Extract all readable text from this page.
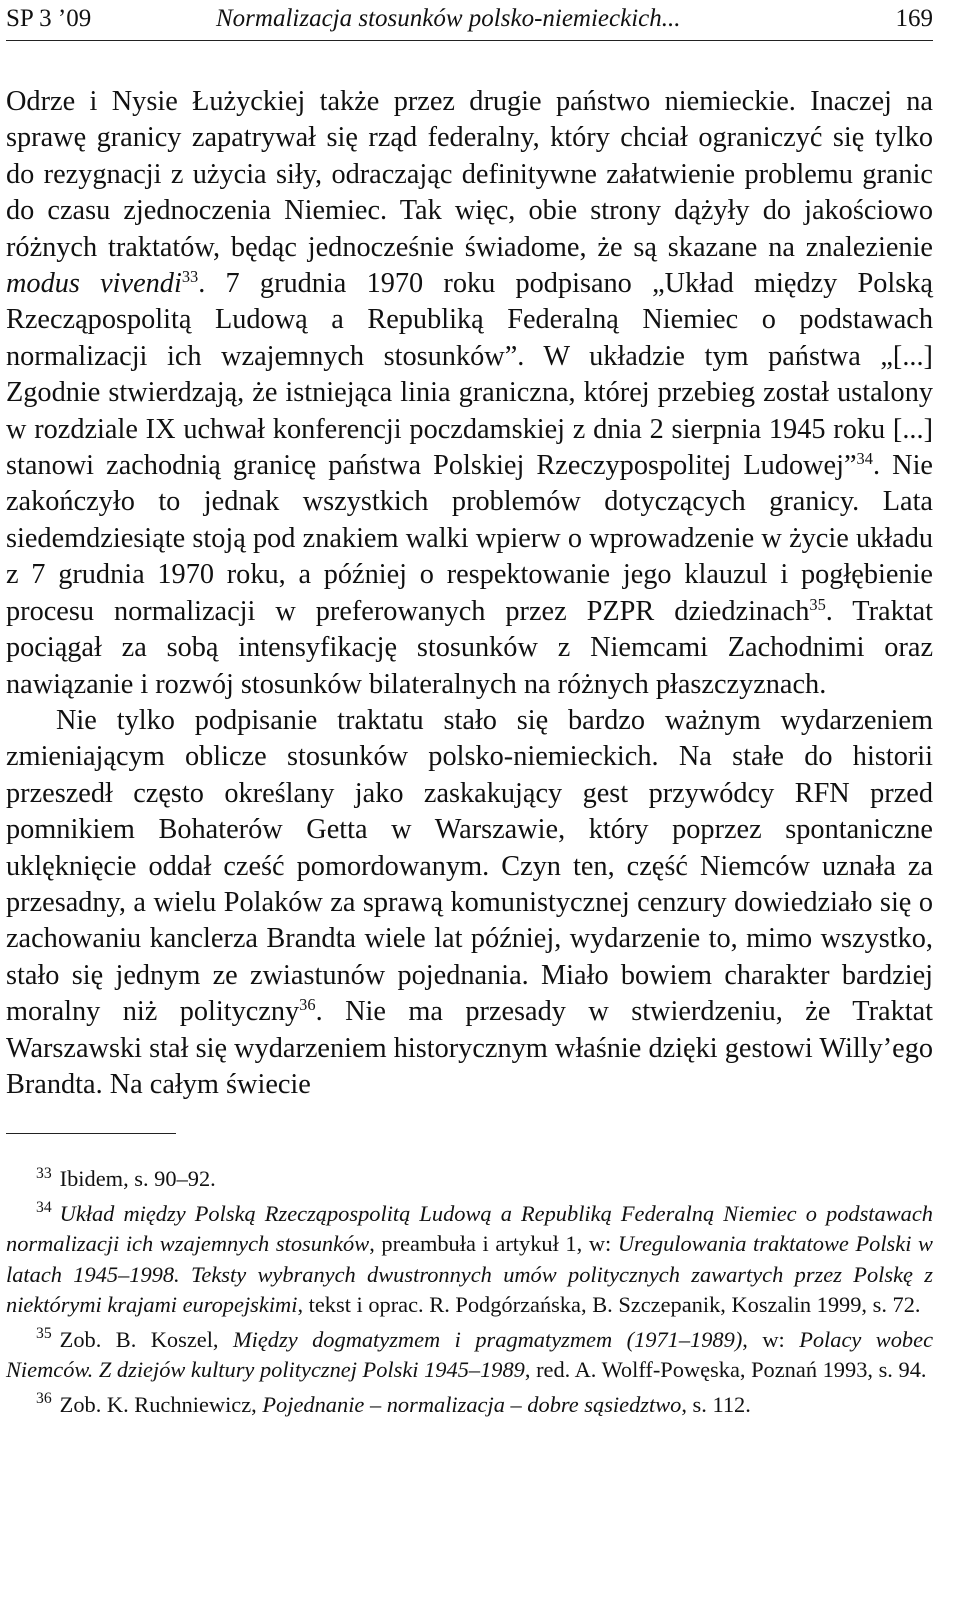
SP 3 ’09	Normalizacja stosunków polsko-niemieckich...	169

Odrze i Nysie Łużyckiej także przez drugie państwo niemieckie. Inaczej na sprawę granicy zapatrywał się rząd federalny, który chciał ograniczyć się tylko do rezygnacji z użycia siły, odraczając definitywne załatwienie problemu granic do czasu zjednoczenia Niemiec. Tak więc, obie strony dążyły do jakościowo różnych traktatów, będąc jednocześnie świadome, że są skazane na znalezienie modus vivendi$^{33}$. 7 grudnia 1970 roku podpisano „Układ między Polską Rzecząpospolitą Ludową a Republiką Federalną Niemiec o podstawach normalizacji ich wzajemnych stosunków”. W układzie tym państwa „[...] Zgodnie stwierdzają, że istniejąca linia graniczna, której przebieg został ustalony w rozdziale IX uchwał konferencji poczdamskiej z dnia 2 sierpnia 1945 roku [...] stanowi zachodnią granicę państwa Polskiej Rzeczypospolitej Ludowej”$^{34}$. Nie zakończyło to jednak wszystkich problemów dotyczących granicy. Lata siedemdziesiąte stoją pod znakiem walki wpierw o wprowadzenie w życie układu z 7 grudnia 1970 roku, a później o respektowanie jego klauzul i pogłębienie procesu normalizacji w preferowanych przez PZPR dziedzinach$^{35}$. Traktat pociągał za sobą intensyfikację stosunków z Niemcami Zachodnimi oraz nawiązanie i rozwój stosunków bilateralnych na różnych płaszczyznach.

Nie tylko podpisanie traktatu stało się bardzo ważnym wydarzeniem zmieniającym oblicze stosunków polsko-niemieckich. Na stałe do historii przeszedł często określany jako zaskakujący gest przywódcy RFN przed pomnikiem Bohaterów Getta w Warszawie, który poprzez spontaniczne uklęknięcie oddał cześć pomordowanym. Czyn ten, część Niemców uznała za przesadny, a wielu Polaków za sprawą komunistycznej cenzury dowiedziało się o zachowaniu kanclerza Brandta wiele lat później, wydarzenie to, mimo wszystko, stało się jednym ze zwiastunów pojednania. Miało bowiem charakter bardziej moralny niż polityczny$^{36}$. Nie ma przesady w stwierdzeniu, że Traktat Warszawski stał się wydarzeniem historycznym właśnie dzięki gestowi Willy’ego Brandta. Na całym świecie

$^{33}$ Ibidem, s. 90–92.

$^{34}$ Układ między Polską Rzecząpospolitą Ludową a Republiką Federalną Niemiec o podstawach normalizacji ich wzajemnych stosunków, preambuła i artykuł 1, w: Uregulowania traktatowe Polski w latach 1945–1998. Teksty wybranych dwustronnych umów politycznych zawartych przez Polskę z niektórymi krajami europejskimi, tekst i oprac. R. Podgórzańska, B. Szczepanik, Koszalin 1999, s. 72.

$^{35}$ Zob. B. Koszel, Między dogmatyzmem i pragmatyzmem (1971–1989), w: Polacy wobec Niemców. Z dziejów kultury politycznej Polski 1945–1989, red. A. Wolff-Powęska, Poznań 1993, s. 94.

$^{36}$ Zob. K. Ruchniewicz, Pojednanie – normalizacja – dobre sąsiedztwo, s. 112.
